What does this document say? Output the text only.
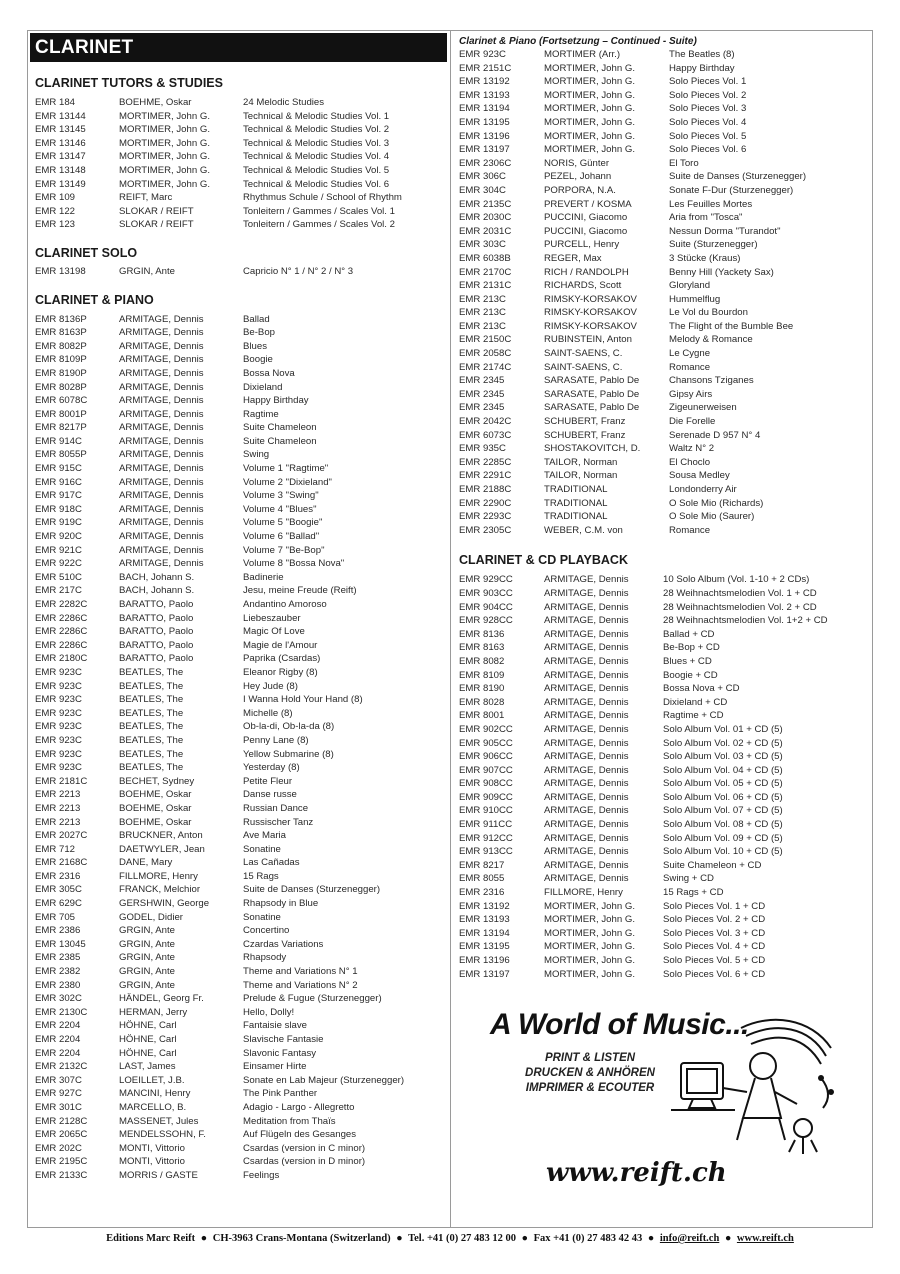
CLARINET
CLARINET TUTORS & STUDIES
EMR 184	BOEHME, Oskar	24 Melodic Studies
EMR 13144	MORTIMER, John G.	Technical & Melodic Studies Vol. 1
EMR 13145	MORTIMER, John G.	Technical & Melodic Studies Vol. 2
EMR 13146	MORTIMER, John G.	Technical & Melodic Studies Vol. 3
EMR 13147	MORTIMER, John G.	Technical & Melodic Studies Vol. 4
EMR 13148	MORTIMER, John G.	Technical & Melodic Studies Vol. 5
EMR 13149	MORTIMER, John G.	Technical & Melodic Studies Vol. 6
EMR 109	REIFT, Marc	Rhythmus Schule / School of Rhythm
EMR 122	SLOKAR / REIFT	Tonleitern / Gammes / Scales Vol. 1
EMR 123	SLOKAR / REIFT	Tonleitern / Gammes / Scales Vol. 2
CLARINET SOLO
EMR 13198	GRGIN, Ante	Capricio N° 1 / N° 2 / N° 3
CLARINET & PIANO
EMR 8136P	ARMITAGE, Dennis	Ballad
EMR 8163P	ARMITAGE, Dennis	Be-Bop
EMR 8082P	ARMITAGE, Dennis	Blues
EMR 8109P	ARMITAGE, Dennis	Boogie
EMR 8190P	ARMITAGE, Dennis	Bossa Nova
EMR 8028P	ARMITAGE, Dennis	Dixieland
EMR 6078C	ARMITAGE, Dennis	Happy Birthday
EMR 8001P	ARMITAGE, Dennis	Ragtime
EMR 8217P	ARMITAGE, Dennis	Suite Chameleon
EMR 914C	ARMITAGE, Dennis	Suite Chameleon
EMR 8055P	ARMITAGE, Dennis	Swing
EMR 915C	ARMITAGE, Dennis	Volume 1 "Ragtime"
EMR 916C	ARMITAGE, Dennis	Volume 2 "Dixieland"
EMR 917C	ARMITAGE, Dennis	Volume 3 "Swing"
EMR 918C	ARMITAGE, Dennis	Volume 4 "Blues"
EMR 919C	ARMITAGE, Dennis	Volume 5 "Boogie"
EMR 920C	ARMITAGE, Dennis	Volume 6 "Ballad"
EMR 921C	ARMITAGE, Dennis	Volume 7 "Be-Bop"
EMR 922C	ARMITAGE, Dennis	Volume 8 "Bossa Nova"
EMR 510C	BACH, Johann S.	Badinerie
EMR 217C	BACH, Johann S.	Jesu, meine Freude (Reift)
EMR 2282C	BARATTO, Paolo	Andantino Amoroso
EMR 2286C	BARATTO, Paolo	Liebeszauber
EMR 2286C	BARATTO, Paolo	Magic Of Love
EMR 2286C	BARATTO, Paolo	Magie de l'Amour
EMR 2180C	BARATTO, Paolo	Paprika (Csardas)
EMR 923C	BEATLES, The	Eleanor Rigby (8)
EMR 923C	BEATLES, The	Hey Jude (8)
EMR 923C	BEATLES, The	I Wanna Hold Your Hand (8)
EMR 923C	BEATLES, The	Michelle (8)
EMR 923C	BEATLES, The	Ob-la-di, Ob-la-da (8)
EMR 923C	BEATLES, The	Penny Lane (8)
EMR 923C	BEATLES, The	Yellow Submarine (8)
EMR 923C	BEATLES, The	Yesterday (8)
EMR 2181C	BECHET, Sydney	Petite Fleur
EMR 2213	BOEHME, Oskar	Danse russe
EMR 2213	BOEHME, Oskar	Russian Dance
EMR 2213	BOEHME, Oskar	Russischer Tanz
EMR 2027C	BRUCKNER, Anton	Ave Maria
EMR 712	DAETWYLER, Jean	Sonatine
EMR 2168C	DANE, Mary	Las Cañadas
EMR 2316	FILLMORE, Henry	15 Rags
EMR 305C	FRANCK, Melchior	Suite de Danses (Sturzenegger)
EMR 629C	GERSHWIN, George	Rhapsody in Blue
EMR 705	GODEL, Didier	Sonatine
EMR 2386	GRGIN, Ante	Concertino
EMR 13045	GRGIN, Ante	Czardas Variations
EMR 2385	GRGIN, Ante	Rhapsody
EMR 2382	GRGIN, Ante	Theme and Variations N° 1
EMR 2380	GRGIN, Ante	Theme and Variations N° 2
EMR 302C	HÄNDEL, Georg Fr.	Prelude & Fugue (Sturzenegger)
EMR 2130C	HERMAN, Jerry	Hello, Dolly!
EMR 2204	HÖHNE, Carl	Fantaisie slave
EMR 2204	HÖHNE, Carl	Slavische Fantasie
EMR 2204	HÖHNE, Carl	Slavonic Fantasy
EMR 2132C	LAST, James	Einsamer Hirte
EMR 307C	LOEILLET, J.B.	Sonate en Lab Majeur (Sturzenegger)
EMR 927C	MANCINI, Henry	The Pink Panther
EMR 301C	MARCELLO, B.	Adagio - Largo - Allegretto
EMR 2128C	MASSENET, Jules	Meditation from Thaïs
EMR 2065C	MENDELSSOHN, F.	Auf Flügeln des Gesanges
EMR 202C	MONTI, Vittorio	Csardas (version in C minor)
EMR 2195C	MONTI, Vittorio	Csardas (version in D minor)
EMR 2133C	MORRIS / GASTE	Feelings
Clarinet & Piano (Fortsetzung – Continued - Suite)
EMR 923C	MORTIMER (Arr.)	The Beatles (8)
EMR 2151C	MORTIMER, John G.	Happy Birthday
EMR 13192	MORTIMER, John G.	Solo Pieces Vol. 1
EMR 13193	MORTIMER, John G.	Solo Pieces Vol. 2
EMR 13194	MORTIMER, John G.	Solo Pieces Vol. 3
EMR 13195	MORTIMER, John G.	Solo Pieces Vol. 4
EMR 13196	MORTIMER, John G.	Solo Pieces Vol. 5
EMR 13197	MORTIMER, John G.	Solo Pieces Vol. 6
EMR 2306C	NORIS, Günter	El Toro
EMR 306C	PEZEL, Johann	Suite de Danses (Sturzenegger)
EMR 304C	PORPORA, N.A.	Sonate F-Dur (Sturzenegger)
EMR 2135C	PREVERT / KOSMA	Les Feuilles Mortes
EMR 2030C	PUCCINI, Giacomo	Aria from "Tosca"
EMR 2031C	PUCCINI, Giacomo	Nessun Dorma "Turandot"
EMR 303C	PURCELL, Henry	Suite (Sturzenegger)
EMR 6038B	REGER, Max	3 Stücke (Kraus)
EMR 2170C	RICH / RANDOLPH	Benny Hill (Yackety Sax)
EMR 2131C	RICHARDS, Scott	Gloryland
EMR 213C	RIMSKY-KORSAKOV	Hummelflug
EMR 213C	RIMSKY-KORSAKOV	Le Vol du Bourdon
EMR 213C	RIMSKY-KORSAKOV	The Flight of the Bumble Bee
EMR 2150C	RUBINSTEIN, Anton	Melody & Romance
EMR 2058C	SAINT-SAENS, C.	Le Cygne
EMR 2174C	SAINT-SAENS, C.	Romance
EMR 2345	SARASATE, Pablo De	Chansons Tziganes
EMR 2345	SARASATE, Pablo De	Gipsy Airs
EMR 2345	SARASATE, Pablo De	Zigeunerweisen
EMR 2042C	SCHUBERT, Franz	Die Forelle
EMR 6073C	SCHUBERT, Franz	Serenade D 957 N° 4
EMR 935C	SHOSTAKOVITCH, D.	Waltz N° 2
EMR 2285C	TAILOR, Norman	El Choclo
EMR 2291C	TAILOR, Norman	Sousa Medley
EMR 2188C	TRADITIONAL	Londonderry Air
EMR 2290C	TRADITIONAL	O Sole Mio (Richards)
EMR 2293C	TRADITIONAL	O Sole Mio (Saurer)
EMR 2305C	WEBER, C.M. von	Romance
CLARINET & CD PLAYBACK
EMR 929CC	ARMITAGE, Dennis	10 Solo Album (Vol. 1-10 + 2 CDs)
EMR 903CC	ARMITAGE, Dennis	28 Weihnachtsmelodien Vol. 1 + CD
EMR 904CC	ARMITAGE, Dennis	28 Weihnachtsmelodien Vol. 2 + CD
EMR 928CC	ARMITAGE, Dennis	28 Weihnachtsmelodien Vol. 1+2 + CD
EMR 8136	ARMITAGE, Dennis	Ballad + CD
EMR 8163	ARMITAGE, Dennis	Be-Bop + CD
EMR 8082	ARMITAGE, Dennis	Blues + CD
EMR 8109	ARMITAGE, Dennis	Boogie + CD
EMR 8190	ARMITAGE, Dennis	Bossa Nova + CD
EMR 8028	ARMITAGE, Dennis	Dixieland + CD
EMR 8001	ARMITAGE, Dennis	Ragtime + CD
EMR 902CC	ARMITAGE, Dennis	Solo Album Vol. 01 + CD (5)
EMR 905CC	ARMITAGE, Dennis	Solo Album Vol. 02 + CD (5)
EMR 906CC	ARMITAGE, Dennis	Solo Album Vol. 03 + CD (5)
EMR 907CC	ARMITAGE, Dennis	Solo Album Vol. 04 + CD (5)
EMR 908CC	ARMITAGE, Dennis	Solo Album Vol. 05 + CD (5)
EMR 909CC	ARMITAGE, Dennis	Solo Album Vol. 06 + CD (5)
EMR 910CC	ARMITAGE, Dennis	Solo Album Vol. 07 + CD (5)
EMR 911CC	ARMITAGE, Dennis	Solo Album Vol. 08 + CD (5)
EMR 912CC	ARMITAGE, Dennis	Solo Album Vol. 09 + CD (5)
EMR 913CC	ARMITAGE, Dennis	Solo Album Vol. 10 + CD (5)
EMR 8217	ARMITAGE, Dennis	Suite Chameleon + CD
EMR 8055	ARMITAGE, Dennis	Swing + CD
EMR 2316	FILLMORE, Henry	15 Rags + CD
EMR 13192	MORTIMER, John G.	Solo Pieces Vol. 1 + CD
EMR 13193	MORTIMER, John G.	Solo Pieces Vol. 2 + CD
EMR 13194	MORTIMER, John G.	Solo Pieces Vol. 3 + CD
EMR 13195	MORTIMER, John G.	Solo Pieces Vol. 4 + CD
EMR 13196	MORTIMER, John G.	Solo Pieces Vol. 5 + CD
EMR 13197	MORTIMER, John G.	Solo Pieces Vol. 6 + CD
A World of Music...
PRINT & LISTEN
DRUCKEN & ANHÖREN
IMPRIMER & ECOUTER
www.reift.ch
Editions Marc Reift ● CH-3963 Crans-Montana (Switzerland) ● Tel. +41 (0) 27 483 12 00 ● Fax +41 (0) 27 483 42 43 ● info@reift.ch ● www.reift.ch
